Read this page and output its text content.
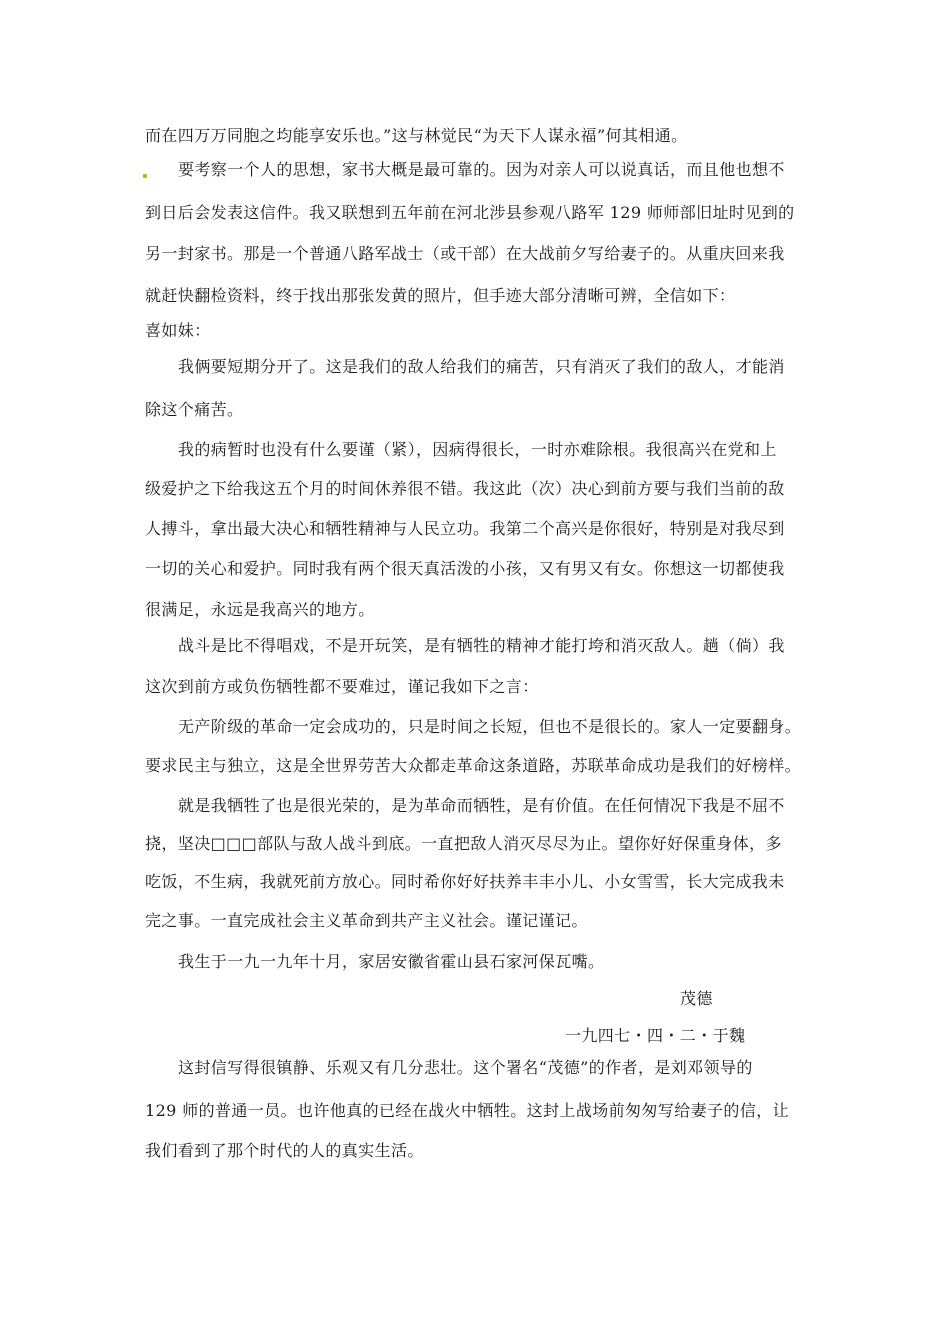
而在四万万同胞之均能享安乐也。”这与林觉民“为天下人谋永福”何其相通。
要考察一个人的思想，家书大概是最可靠的。因为对亲人可以说真话，而且他也想不
到日后会发表这信件。我又联想到五年前在河北涉县参观八路军 129 师师部旧址时见到的
另一封家书。那是一个普通八路军战士（或干部）在大战前夕写给妻子的。从重庆回来我
就赶快翻检资料，终于找出那张发黄的照片，但手迹大部分清晰可辨，全信如下：
喜如妹：
我俩要短期分开了。这是我们的敌人给我们的痛苦，只有消灭了我们的敌人，才能消
除这个痛苦。
我的病暂时也没有什么要谨（紧），因病得很长，一时亦难除根。我很高兴在党和上
级爱护之下给我这五个月的时间休养很不错。我这此（次）决心到前方要与我们当前的敌
人搏斗，拿出最大决心和牺牲精神与人民立功。我第二个高兴是你很好，特别是对我尽到
一切的关心和爱护。同时我有两个很天真活泼的小孩，又有男又有女。你想这一切都使我
很满足，永远是我高兴的地方。
战斗是比不得唱戏，不是开玩笑，是有牺牲的精神才能打垮和消灭敌人。趟（倘）我
这次到前方或负伤牺牲都不要难过，谨记我如下之言：
无产阶级的革命一定会成功的，只是时间之长短，但也不是很长的。家人一定要翻身。
要求民主与独立，这是全世界劳苦大众都走革命这条道路，苏联革命成功是我们的好榜样。
就是我牺牲了也是很光荣的，是为革命而牺牲，是有价值。在任何情况下我是不屈不
挠，坚决□□□部队与敌人战斗到底。一直把敌人消灭尽尽为止。望你好好保重身体，多
吃饭，不生病，我就死前方放心。同时希你好好扶养丰丰小儿、小女雪雪，长大完成我未
完之事。一直完成社会主义革命到共产主义社会。谨记谨记。
我生于一九一九年十月，家居安徽省霍山县石家河保瓦嘴。
茂德
一九四七・四・二・于魏
这封信写得很镇静、乐观又有几分悲壮。这个署名“茂德”的作者，是刘邓领导的
129 师的普通一员。也许他真的已经在战火中牺牲。这封上战场前匆匆写给妻子的信，让
我们看到了那个时代的人的真实生活。
